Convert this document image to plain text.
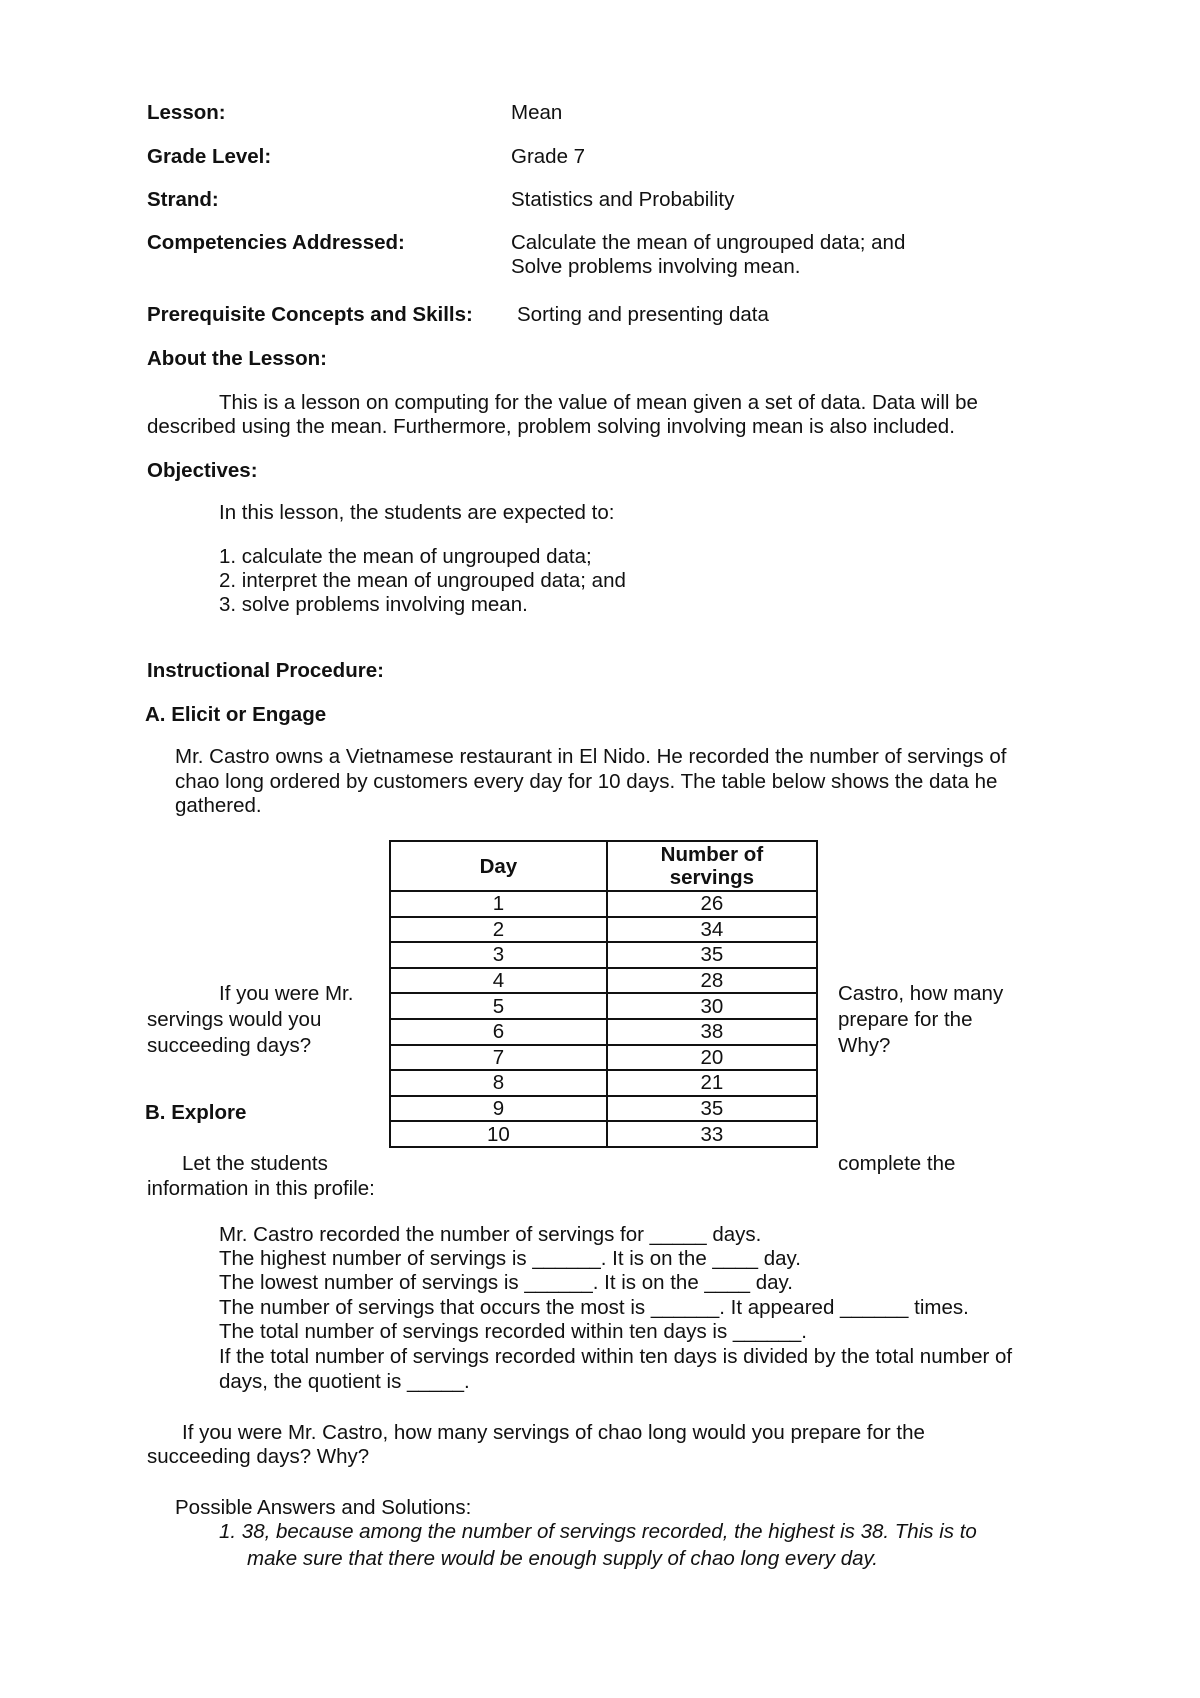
Lesson:	Mean
Grade Level:	Grade 7
Strand:	Statistics and Probability
Competencies Addressed:	Calculate the mean of ungrouped data; and
Solve problems involving mean.
Prerequisite Concepts and Skills: Sorting and presenting data
About the Lesson:
This is a lesson on computing for the value of mean given a set of data. Data will be
described using the mean. Furthermore, problem solving involving mean is also included.
Objectives:
In this lesson, the students are expected to:
1. calculate the mean of ungrouped data;
2. interpret the mean of ungrouped data; and
3. solve problems involving mean.
Instructional Procedure:
A. Elicit or Engage
Mr. Castro owns a Vietnamese restaurant in El Nido. He recorded the number of servings of
chao long ordered by customers every day for 10 days. The table below shows the data he
gathered.
If you were Mr.
servings would you
succeeding days?
Castro, how many
prepare for the
Why?
B. Explore
Let the students	complete the
information in this profile:
Day	Number of
servings
1	26
2	34
3	35
4	28
5	30
6	38
7	20
8	21
9	35
10	33
Mr. Castro recorded the number of servings for _____ days.
The highest number of servings is ______. It is on the ____ day.
The lowest number of servings is ______. It is on the ____ day.
The number of servings that occurs the most is ______. It appeared ______ times.
The total number of servings recorded within ten days is ______.
If the total number of servings recorded within ten days is divided by the total number of
days, the quotient is _____.
If you were Mr. Castro, how many servings of chao long would you prepare for the
succeeding days? Why?
Possible Answers and Solutions:
1. 38, because among the number of servings recorded, the highest is 38. This is to
make sure that there would be enough supply of chao long every day.
